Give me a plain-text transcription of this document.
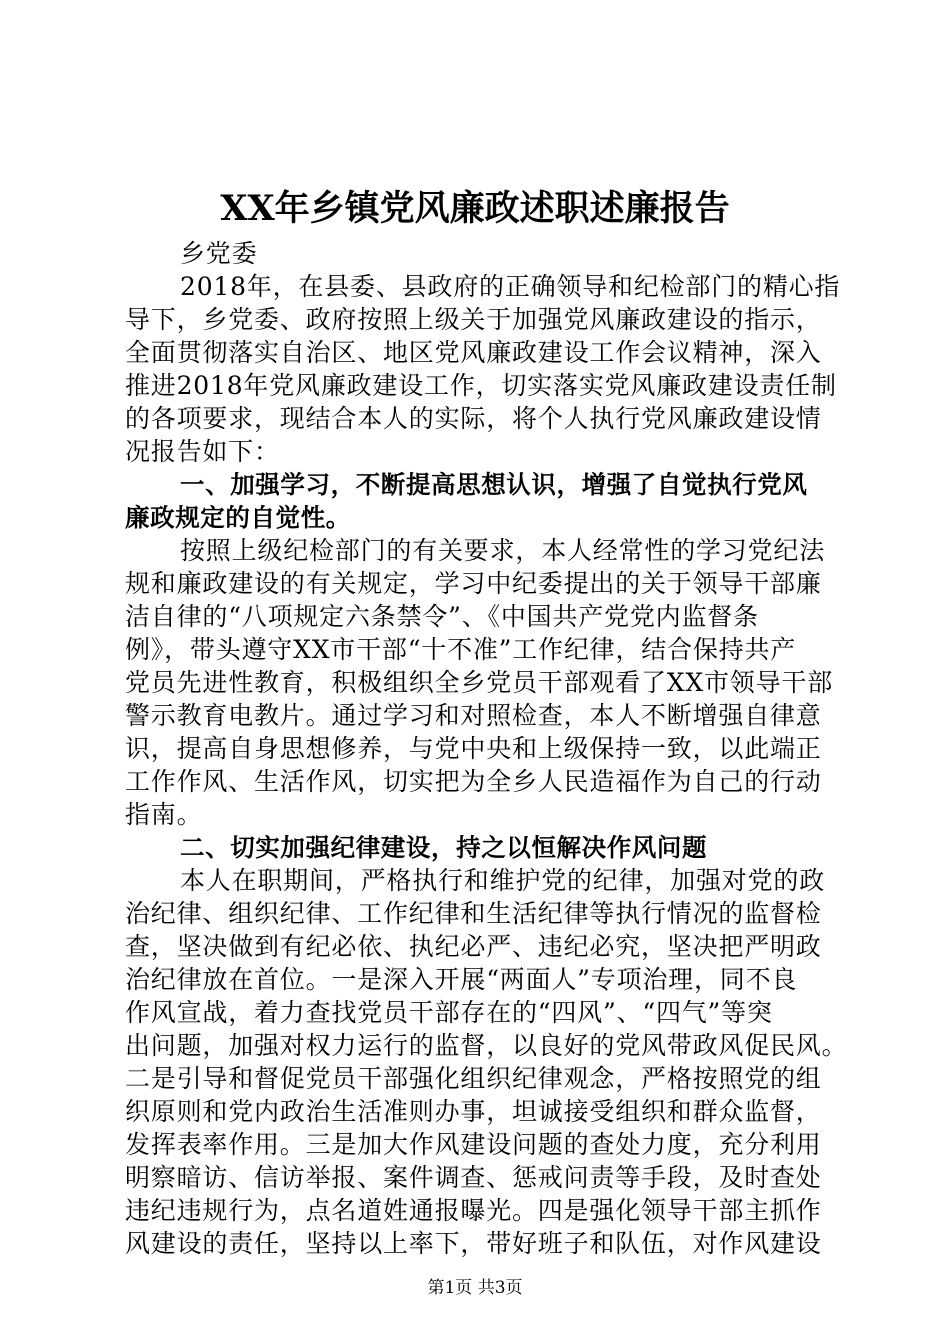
XX年乡镇党风廉政述职述廉报告
乡党委
2018年，在县委、县政府的正确领导和纪检部门的精心指
导下，乡党委、政府按照上级关于加强党风廉政建设的指示，
全面贯彻落实自治区、地区党风廉政建设工作会议精神，深入
推进2018年党风廉政建设工作，切实落实党风廉政建设责任制
的各项要求，现结合本人的实际，将个人执行党风廉政建设情
况报告如下：
一、加强学习，不断提高思想认识，增强了自觉执行党风
廉政规定的自觉性。
按照上级纪检部门的有关要求，本人经常性的学习党纪法
规和廉政建设的有关规定，学习中纪委提出的关于领导干部廉
洁自律的“八项规定六条禁令”、《中国共产党党内监督条
例》，带头遵守XX市干部“十不准”工作纪律，结合保持共产
党员先进性教育，积极组织全乡党员干部观看了XX市领导干部
警示教育电教片。通过学习和对照检查，本人不断增强自律意
识，提高自身思想修养，与党中央和上级保持一致，以此端正
工作作风、生活作风，切实把为全乡人民造福作为自己的行动
指南。
二、切实加强纪律建设，持之以恒解决作风问题
本人在职期间，严格执行和维护党的纪律，加强对党的政
治纪律、组织纪律、工作纪律和生活纪律等执行情况的监督检
查，坚决做到有纪必依、执纪必严、违纪必究，坚决把严明政
治纪律放在首位。一是深入开展“两面人”专项治理，同不良
作风宣战，着力查找党员干部存在的“四风”、“四气”等突
出问题，加强对权力运行的监督，以良好的党风带政风促民风。
二是引导和督促党员干部强化组织纪律观念，严格按照党的组
织原则和党内政治生活准则办事，坦诚接受组织和群众监督，
发挥表率作用。三是加大作风建设问题的查处力度，充分利用
明察暗访、信访举报、案件调查、惩戒问责等手段，及时查处
违纪违规行为，点名道姓通报曝光。四是强化领导干部主抓作
风建设的责任，坚持以上率下，带好班子和队伍，对作风建设
第1页 共3页
